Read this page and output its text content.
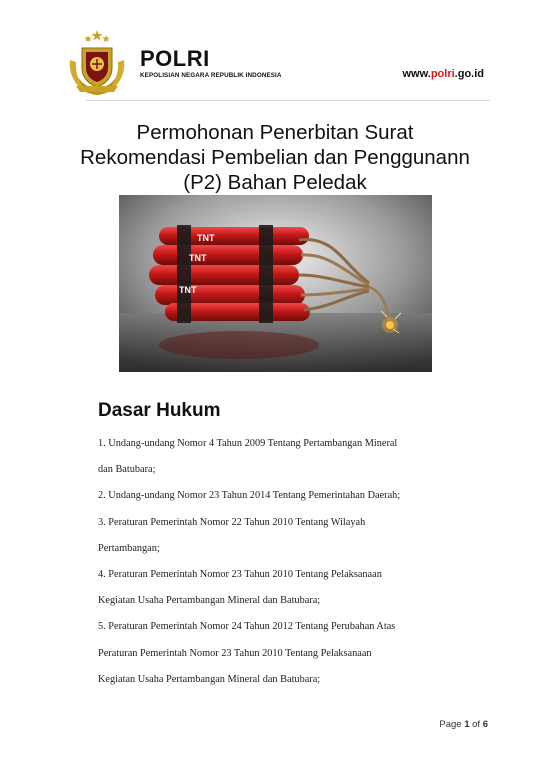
POLRI
KEPOLISIAN NEGARA REPUBLIK INDONESIA	www.polri.go.id
Permohonan Penerbitan Surat
Rekomendasi Pembelian dan Penggunann
(P2) Bahan Peledak
TNT
TNT
TNT
Dasar Hukum
1. Undang-undang Nomor 4 Tahun 2009 Tentang Pertambangan Mineral
dan Batubara;
2. Undang-undang Nomor 23 Tahun 2014 Tentang Pemerintahan Daerah;
3. Peraturan Pemerintah Nomor 22 Tahun 2010 Tentang Wilayah
Pertambangan;
4. Peraturan Pemerintah Nomor 23 Tahun 2010 Tentang Pelaksanaan
Kegiatan Usaha Pertambangan Mineral dan Batubara;
5. Peraturan Pemerintah Nomor 24 Tahun 2012 Tentang Perubahan Atas
Peraturan Pemerintah Nomor 23 Tahun 2010 Tentang Pelaksanaan
Kegiatan Usaha Pertambangan Mineral dan Batubara;
Page 1 of 6
